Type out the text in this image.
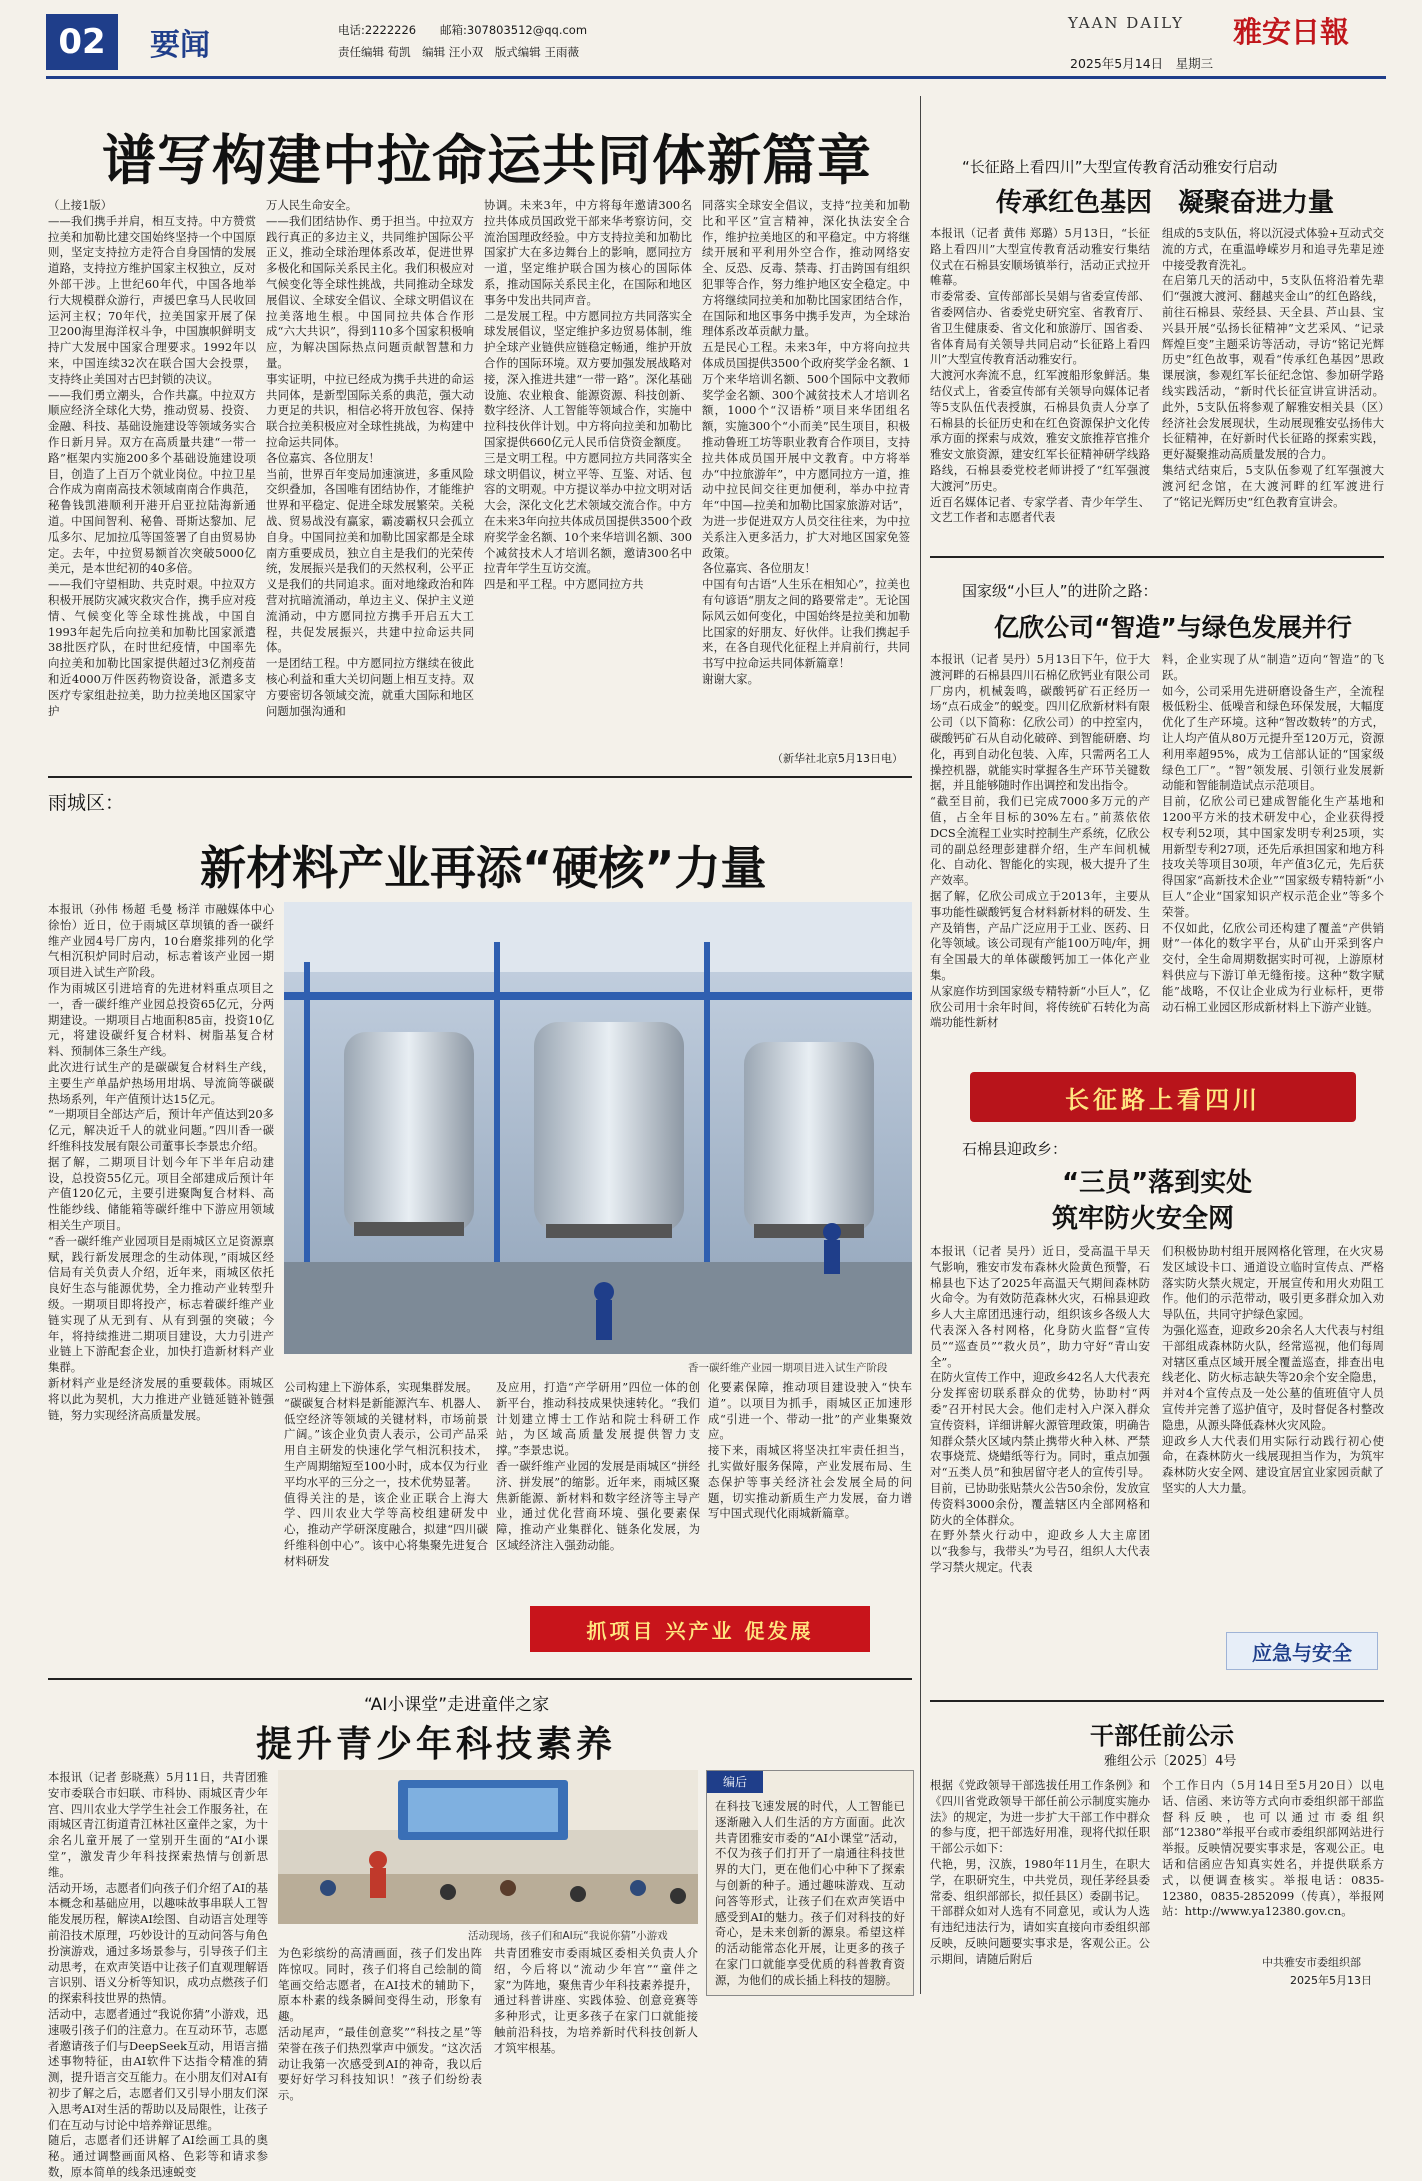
02 要闻	电话:2222226 邮箱:307803512@qq.com
责任编辑 荀凯　编辑 汪小双　版式编辑 王雨薇
YAAN DAILY 雅安日報
2025年5月14日　星期三
谱写构建中拉命运共同体新篇章
（上接1版）
——我们携手并肩，相互支持。中方赞赏拉美和加勒比建交国始终坚持一个中国原则，坚定支持拉方走符合自身国情的发展道路，支持拉方维护国家主权独立，反对外部干涉。上世纪60年代，中国各地举行大规模群众游行，声援巴拿马人民收回运河主权；70年代，拉美国家开展了保卫200海里海洋权斗争，中国旗帜鲜明支持广大发展中国家合理要求。1992年以来，中国连续32次在联合国大会投票，支持终止美国对古巴封锁的决议。
——我们勇立潮头，合作共赢。中拉双方顺应经济全球化大势，推动贸易、投资、金融、科技、基础设施建设等领域务实合作日新月异。双方在高质量共建“一带一路”框架内实施200多个基础设施建设项目，创造了上百万个就业岗位。中拉卫星合作成为南南高技术领域南南合作典范，秘鲁钱凯港顺利开港开启亚拉陆海新通道。中国间智利、秘鲁、哥斯达黎加、尼瓜多尔、尼加拉瓜等国签署了自由贸易协定。去年，中拉贸易额首次突破5000亿美元，是本世纪初的40多倍。
——我们守望相助、共克时艰。中拉双方积极开展防灾减灾救灾合作，携手应对疫情、气候变化等全球性挑战，中国自1993年起先后向拉美和加勒比国家派遣38批医疗队，在时世纪疫情，中国率先向拉美和加勒比国家提供超过3亿剂疫苗和近4000万件医药物资设备，派遣多支医疗专家组赴拉美，助力拉美地区国家守护
万人民生命安全。
——我们团结协作、勇于担当。中拉双方践行真正的多边主义，共同维护国际公平正义，推动全球治理体系改革，促进世界多极化和国际关系民主化。我们积极应对气候变化等全球性挑战，共同推动全球发展倡议、全球安全倡议、全球文明倡议在拉美落地生根。中国同拉共体合作形成“六大共识”，得到110多个国家积极响应，为解决国际热点问题贡献智慧和力量。
事实证明，中拉已经成为携手共进的命运共同体，是新型国际关系的典范，强大动力更足的共识，相信必将开放包容、保持联合拉美积极应对全球性挑战，为构建中拉命运共同体。
各位嘉宾、各位朋友！
当前，世界百年变局加速演进，多重风险交织叠加，各国唯有团结协作，才能维护世界和平稳定、促进全球发展繁荣。关税战、贸易战没有赢家，霸凌霸权只会孤立自身。中国同拉美和加勒比国家都是全球南方重要成员，独立自主是我们的光荣传统，发展振兴是我们的天然权利，公平正义是我们的共同追求。面对地缘政治和阵营对抗暗流涌动，单边主义、保护主义逆流涌动，中方愿同拉方携手开启五大工程，共促发展振兴，共建中拉命运共同体。
一是团结工程。中方愿同拉方继续在彼此核心利益和重大关切问题上相互支持。双方要密切各领域交流，就重大国际和地区问题加强沟通和
协调。未来3年，中方将每年邀请300名拉共体成员国政党干部来华考察访问，交流治国理政经验。中方支持拉美和加勒比国家扩大在多边舞台上的影响，愿同拉方一道，坚定维护联合国为核心的国际体系，推动国际关系民主化，在国际和地区事务中发出共同声音。
二是发展工程。中方愿同拉方共同落实全球发展倡议，坚定维护多边贸易体制，维护全球产业链供应链稳定畅通，维护开放合作的国际环境。双方要加强发展战略对接，深入推进共建“一带一路”。深化基础设施、农业粮食、能源资源、科技创新、数字经济、人工智能等领域合作，实施中拉科技伙伴计划。中方将向拉美和加勒比国家提供660亿元人民币信贷资金额度。
三是文明工程。中方愿同拉方共同落实全球文明倡议，树立平等、互鉴、对话、包容的文明观。中方提议举办中拉文明对话大会，深化文化艺术领域交流合作。中方在未来3年向拉共体成员国提供3500个政府奖学金名额、10个来华培训名额、300个减贫技术人才培训名额，邀请300名中拉青年学生互访交流。
四是和平工程。中方愿同拉方共
同落实全球安全倡议，支持“拉美和加勒比和平区”宣言精神，深化执法安全合作，维护拉美地区的和平稳定。中方将继续开展和平利用外空合作，推动网络安全、反恐、反毒、禁毒、打击跨国有组织犯罪等合作，努力维护地区安全稳定。中方将继续同拉美和加勒比国家团结合作，在国际和地区事务中携手发声，为全球治理体系改革贡献力量。
五是民心工程。未来3年，中方将向拉共体成员国提供3500个政府奖学金名额、1万个来华培训名额、500个国际中文教师奖学金名额、300个减贫技术人才培训名额，1000个“汉语桥”项目来华团组名额，实施300个“小而美”民生项目，积极推动鲁班工坊等职业教育合作项目，支持拉共体成员国开展中文教育。中方将举办“中拉旅游年”，中方愿同拉方一道，推动中拉民间交往更加便利，举办中拉青年“中国—拉美和加勒比国家旅游对话”，为进一步促进双方人员交往往来，为中拉关系注入更多活力，扩大对地区国家免签政策。
各位嘉宾、各位朋友！
中国有句古语“人生乐在相知心”，拉美也有句谚语“朋友之间的路要常走”。无论国际风云如何变化，中国始终是拉美和加勒比国家的好朋友、好伙伴。让我们携起手来，在各自现代化征程上并肩前行，共同书写中拉命运共同体新篇章！
谢谢大家。
（新华社北京5月13日电）
“长征路上看四川”大型宣传教育活动雅安行启动
传承红色基因　凝聚奋进力量
本报讯（记者 黄伟 郑璐）5月13日，“长征路上看四川”大型宣传教育活动雅安行集结仪式在石棉县安顺场镇举行，活动正式拉开帷幕。
市委常委、宣传部部长吴娟与省委宣传部、省委网信办、省委党史研究室、省教育厅、省卫生健康委、省文化和旅游厅、国省委、省体育局有关领导共同启动“长征路上看四川”大型宣传教育活动雅安行。
大渡河水奔流不息，红军渡船形象鲜活。集结仪式上，省委宣传部有关领导向媒体记者等5支队伍代表授旗，石棉县负责人分享了石棉县的长征历史和在红色资源保护文化传承方面的探索与成效，雅安文旅推荐官推介雅安文旅资源，建安红军长征精神研学线路路线，石棉县委党校老师讲授了“红军强渡大渡河”历史。
近百名媒体记者、专家学者、青少年学生、文艺工作者和志愿者代表
组成的5支队伍，将以沉浸式体验+互动式交流的方式，在重温峥嵘岁月和追寻先辈足迹中接受教育洗礼。
在启第几天的活动中，5支队伍将沿着先辈们“强渡大渡河、翻越夹金山”的红色路线，前往石棉县、荥经县、天全县、芦山县、宝兴县开展“弘扬长征精神”文艺采风、“记录辉煌巨变”主题采访等活动，寻访“铭记光辉历史”红色故事，观看“传承红色基因”思政课展演，参观红军长征纪念馆、参加研学路线实践活动，“新时代长征宣讲宣讲活动。此外，5支队伍将参观了解雅安相关县（区）经济社会发展现状，生动展现雅安弘扬伟大长征精神，在好新时代长征路的探索实践，更好凝聚推动高质量发展的合力。
集结式结束后，5支队伍参观了红军强渡大渡河纪念馆，在大渡河畔的红军渡进行了“铭记光辉历史”红色教育宣讲会。
国家级“小巨人”的进阶之路：
亿欣公司“智造”与绿色发展并行
本报讯（记者 吴丹）5月13日下午，位于大渡河畔的石棉县四川石棉亿欣钙业有限公司厂房内，机械轰鸣，碳酸钙矿石正经历一场“点石成金”的蜕变。四川亿欣新材料有限公司（以下简称：亿欣公司）的中控室内，碳酸钙矿石从自动化破碎、到智能研磨、均化，再到自动化包装、入库，只需两名工人操控机器，就能实时掌握各生产环节关键数据，并且能够随时作出调控和发出指令。
“截至目前，我们已完成7000多万元的产值，占全年目标的30%左右。”前蒸依依DCS全流程工业实时控制生产系统，亿欣公司的副总经理彭建群介绍，生产车间机械化、自动化、智能化的实现，极大提升了生产效率。
据了解，亿欣公司成立于2013年，主要从事功能性碳酸钙复合材料新材料的研发、生产及销售，产品广泛应用于工业、医药、日化等领域。该公司现有产能100万吨/年，拥有全国最大的单体碳酸钙加工一体化产业集。
从家庭作坊到国家级专精特新“小巨人”，亿欣公司用十余年时间，将传统矿石转化为高端功能性新材
料，企业实现了从“制造”迈向“智造”的飞跃。
如今，公司采用先进研磨设备生产，全流程极低粉尘、低噪音和绿色环保发展，大幅度优化了生产环境。这种“智改数转”的方式，让人均产值从80万元提升至120万元，资源利用率超95%，成为工信部认证的“国家级绿色工厂”。“智”领发展、引领行业发展新动能和智能制造试点示范项目。
目前，亿欣公司已建成智能化生产基地和1200平方米的技术研发中心，企业获得授权专利52项，其中国家发明专利25项，实用新型专利27项，还先后承担国家和地方科技攻关等项目30项，年产值3亿元，先后获得国家“高新技术企业”“国家级专精特新“小巨人”企业“国家知识产权示范企业”等多个荣誉。
不仅如此，亿欣公司还构建了覆盖“产供销财”一体化的数字平台，从矿山开采到客户交付，全生命周期数据实时可视，上游原材料供应与下游订单无缝衔接。这种“数字赋能”战略，不仅让企业成为行业标杆，更带动石棉工业园区形成新材料上下游产业链。
长征路上看四川
石棉县迎政乡：
“三员”落到实处
筑牢防火安全网
本报讯（记者 吴丹）近日，受高温干旱天气影响，雅安市发布森林火险黄色预警，石棉县也下达了2025年高温天气期间森林防火命令。为有效防范森林火灾，石棉县迎政乡人大主席团迅速行动，组织该乡各级人大代表深入各村网格，化身防火监督“宣传员”“巡查员”“救火员”，助力守好“青山安全”。
在防火宣传工作中，迎政乡42名人大代表充分发挥密切联系群众的优势，协助村“两委”召开村民大会。他们走村入户深入群众宣传资料，详细讲解火源管理政策，明确告知群众禁火区域内禁止携带火种入林、严禁农事烧荒、烧蜡纸等行为。同时，重点加强对“五类人员”和独居留守老人的宣传引导。目前，已协助张贴禁火公告50余份，发放宣传资料3000余份，覆盖辖区内全部网格和防火的全体群众。
在野外禁火行动中，迎政乡人大主席团以“我参与，我带头”为号召，组织人大代表学习禁火规定。代表
们积极协助村组开展网格化管理，在火灾易发区域设卡口、通道设立临时宣传点、严格落实防火禁火规定，开展宣传和用火劝阻工作。他们的示范带动，吸引更多群众加入劝导队伍，共同守护绿色家园。
为强化巡查，迎政乡20余名人大代表与村组干部组成森林防火队，经常巡视，他们每周对辖区重点区域开展全覆盖巡查，排查出电线老化、防火标志缺失等20余个安全隐患，并对4个宣传点及一处公墓的值班值守人员宣传并完善了巡护值守，及时督促各村整改隐患，从源头降低森林火灾风险。
迎政乡人大代表们用实际行动践行初心使命，在森林防火一线展现担当作为，为筑牢森林防火安全网、建设宜居宜业家园贡献了坚实的人大力量。
应急与安全
干部任前公示
雅组公示〔2025〕4号
根据《党政领导干部选拔任用工作条例》和《四川省党政领导干部任前公示制度实施办法》的规定，为进一步扩大干部工作中群众的参与度，把干部选好用准，现将代拟任职干部公示如下：
代艳，男，汉族，1980年11月生，在职大学，在职研究生，中共党员，现任茅经县委常委、组织部部长，拟任县区）委副书记。
干部群众如对人选有不同意见，或认为人选有违纪违法行为，请如实直接向市委组织部反映，反映问题要实事求是，客观公正。公示期间，请随后附后
个工作日内（5月14日至5月20日）以电话、信函、来访等方式向市委组织部干部监督科反映，也可以通过市委组织部“12380”举报平台或市委组织部网站进行举报。反映情况要实事求是，客观公正。电话和信函应告知真实姓名，并提供联系方式，以便调查核实。举报电话：0835-12380，0835-2852099（传真），举报网站：http://www.ya12380.gov.cn。
中共雅安市委组织部
2025年5月13日
雨城区：
新材料产业再添“硬核”力量
本报讯（孙伟 杨超 毛曼 杨洋 市融媒体中心 徐怡）近日，位于雨城区草坝镇的香一碳纤维产业园4号厂房内，10台磨浆排列的化学气相沉积炉同时启动，标志着该产业园一期项目进入试生产阶段。
作为雨城区引进培育的先进材料重点项目之一，香一碳纤维产业园总投资65亿元，分两期建设。一期项目占地面积85亩，投资10亿元，将建设碳纤复合材料、树脂基复合材料、预制体三条生产线。
此次进行试生产的是碳碳复合材料生产线，主要生产单晶炉热场用坩埚、导流筒等碳碳热场系列，年产值预计达15亿元。
“一期项目全部达产后，预计年产值达到20多亿元，解决近千人的就业问题。”四川香一碳纤维科技发展有限公司董事长李景忠介绍。
据了解，二期项目计划今年下半年启动建设，总投资55亿元。项目全部建成后预计年产值120亿元，主要引进聚陶复合材料、高性能纱线、储能箱等碳纤维中下游应用领域相关生产项目。
“香一碳纤维产业园项目是雨城区立足资源禀赋，践行新发展理念的生动体现，”雨城区经信局有关负责人介绍，近年来，雨城区依托良好生态与能源优势，全力推动产业转型升级。一期项目即将投产，标志着碳纤维产业链实现了从无到有、从有到强的突破；今年，将持续推进二期项目建设，大力引进产业链上下游配套企业，加快打造新材料产业集群。
新材料产业是经济发展的重要载体。雨城区将以此为契机，大力推进产业链延链补链强链，努力实现经济高质量发展。
香一碳纤维产业园一期项目进入试生产阶段
公司构建上下游体系，实现集群发展。
“碳碳复合材料是新能源汽车、机器人、低空经济等领域的关键材料，市场前景广阔。”该企业负责人表示，公司产品采用自主研发的快速化学气相沉积技术，生产周期缩短至100小时，成本仅为行业平均水平的三分之一，技术优势显著。
值得关注的是，该企业正联合上海大学、四川农业大学等高校组建研发中心，推动产学研深度融合，拟建“四川碳纤维科创中心”。该中心将集聚先进复合材料研发
及应用，打造“产学研用”四位一体的创新平台，推动科技成果快速转化。“我们计划建立博士工作站和院士科研工作站，为区域高质量发展提供智力支撑。”李景忠说。
香一碳纤维产业园的发展是雨城区“拼经济、拼发展”的缩影。近年来，雨城区聚焦新能源、新材料和数字经济等主导产业，通过优化营商环境、强化要素保障，推动产业集群化、链条化发展，为区域经济注入强劲动能。
化要素保障，推动项目建设驶入“快车道”。以项目为抓手，雨城区正加速形成“引进一个、带动一批”的产业集聚效应。
接下来，雨城区将坚决扛牢责任担当，扎实做好服务保障，产业发展布局、生态保护等事关经济社会发展全局的问题，切实推动新质生产力发展，奋力谱写中国式现代化雨城新篇章。
抓项目 兴产业 促发展
“AI小课堂”走进童伴之家
提升青少年科技素养
本报讯（记者 彭晓燕）5月11日，共青团雅安市委联合市妇联、市科协、雨城区青少年宫、四川农业大学学生社会工作服务社，在雨城区青江街道青江林社区童伴之家，为十余名儿童开展了一堂别开生面的“AI小课堂”，激发青少年科技探索热情与创新思维。
活动开场，志愿者们向孩子们介绍了AI的基本概念和基础应用，以趣味故事串联人工智能发展历程，解读AI绘图、自动语言处理等前沿技术原理，巧妙设计的互动问答与角色扮演游戏，通过多场景参与，引导孩子们主动思考，在欢声笑语中让孩子们直观理解语言识别、语义分析等知识，成功点燃孩子们的探索科技世界的热情。
活动中，志愿者通过“我说你猜”小游戏，迅速吸引孩子们的注意力。在互动环节，志愿者邀请孩子们与DeepSeek互动，用语言描述事物特征，由AI软件下达指令精准的猜测，提升语言交互能力。在小朋友们对AI有初步了解之后，志愿者们又引导小朋友们深入思考AI对生活的帮助以及局限性，让孩子们在互动与讨论中培养辩证思维。
随后，志愿者们还讲解了AI绘画工具的奥秘。通过调整画面风格、色彩等和请求参数，原本简单的线条迅速蜕变
活动现场，孩子们和AI玩“我说你猜”小游戏
为色彩缤纷的高清画面，孩子们发出阵阵惊叹。同时，孩子们将自己绘制的简笔画交给志愿者，在AI技术的辅助下，原本朴素的线条瞬间变得生动，形象有趣。
活动尾声，“最佳创意奖”“科技之星”等荣誉在孩子们热烈掌声中颁发。“这次活动让我第一次感受到AI的神奇，我以后要好好学习科技知识！”孩子们纷纷表示。
共青团雅安市委雨城区委相关负责人介绍，今后将以“流动少年宫”“童伴之家”为阵地，聚焦青少年科技素养提升，通过科普讲座、实践体验、创意竞赛等多种形式，让更多孩子在家门口就能接触前沿科技，为培养新时代科技创新人才筑牢根基。
编后
在科技飞速发展的时代，人工智能已逐渐融入人们生活的方方面面。此次共青团雅安市委的“AI小课堂”活动，不仅为孩子们打开了一扇通往科技世界的大门，更在他们心中种下了探索与创新的种子。通过趣味游戏、互动问答等形式，让孩子们在欢声笑语中感受到AI的魅力。孩子们对科技的好奇心，是未来创新的源泉。希望这样的活动能常态化开展，让更多的孩子在家门口就能享受优质的科普教育资源，为他们的成长插上科技的翅膀。
